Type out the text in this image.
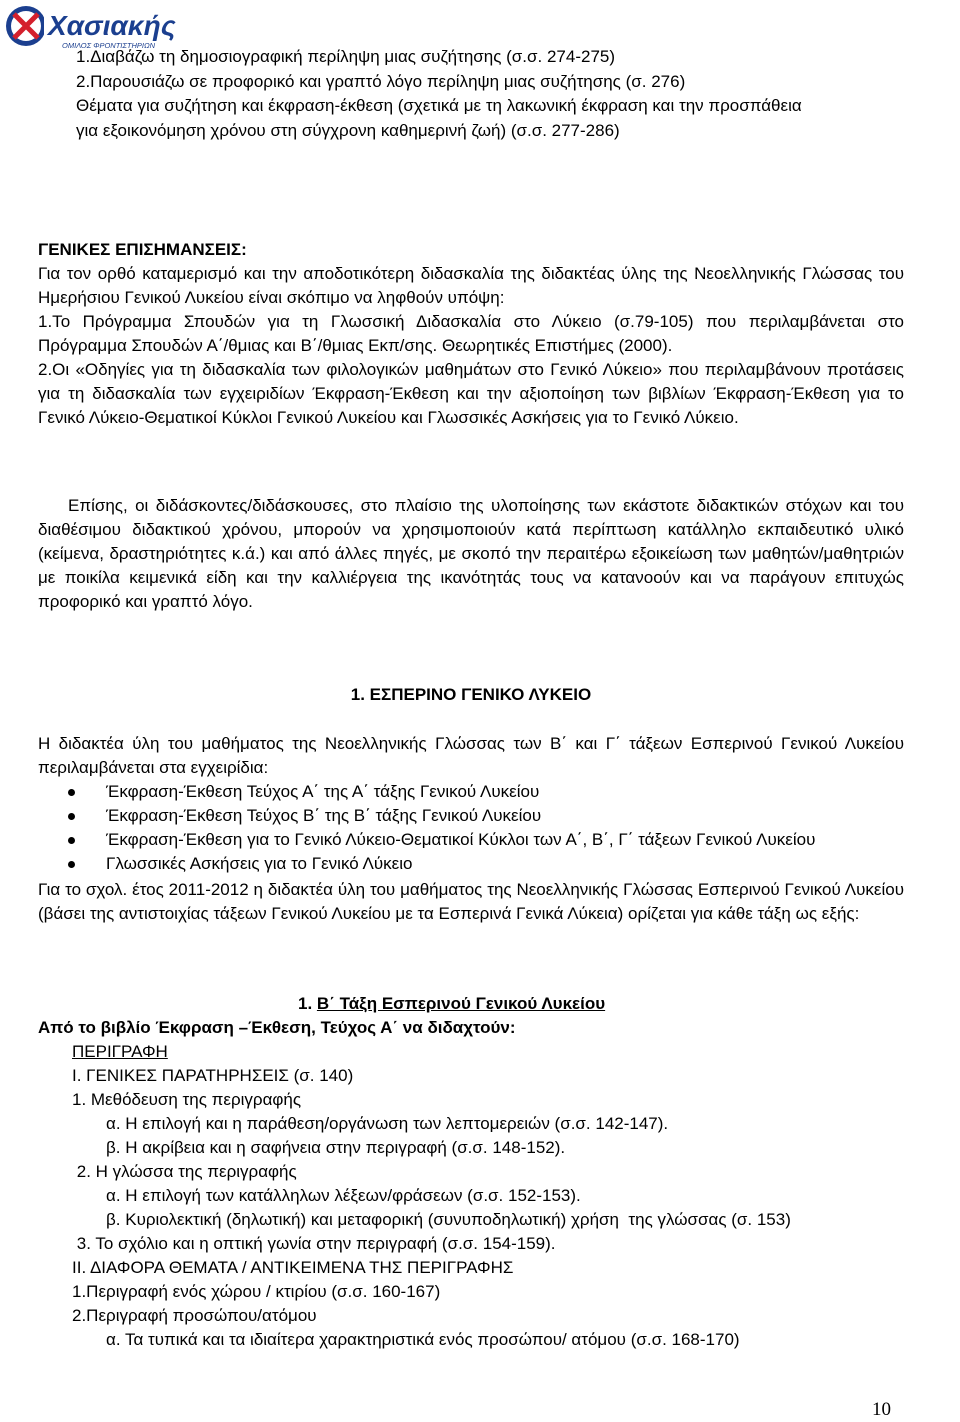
Χασιακής
ΟΜΙΛΟΣ ΦΡΟΝΤΙΣΤΗΡΙΩΝ
1.Διαβάζω τη δημοσιογραφική περίληψη μιας συζήτησης (σ.σ. 274-275)
2.Παρουσιάζω σε προφορικό και γραπτό λόγο περίληψη μιας συζήτησης (σ. 276)
Θέματα για συζήτηση και έκφραση-έκθεση (σχετικά με τη λακωνική έκφραση και την προσπάθεια
για εξοικονόμηση χρόνου στη σύγχρονη καθημερινή ζωή) (σ.σ. 277-286)
ΓΕΝΙΚΕΣ ΕΠΙΣΗΜΑΝΣΕΙΣ:
Για τον ορθό καταμερισμό και την αποδοτικότερη διδασκαλία της διδακτέας ύλης της Νεοελληνικής Γλώσσας του Ημερήσιου Γενικού Λυκείου είναι σκόπιμο να ληφθούν υπόψη:
1.Το Πρόγραμμα Σπουδών για τη Γλωσσική Διδασκαλία στο Λύκειο (σ.79-105) που περιλαμβάνεται στο Πρόγραμμα Σπουδών Α΄/θμιας και Β΄/θμιας Εκπ/σης. Θεωρητικές Επιστήμες (2000).
2.Οι «Οδηγίες για τη διδασκαλία των φιλολογικών μαθημάτων στο Γενικό Λύκειο» που περιλαμβάνουν προτάσεις για τη διδασκαλία των εγχειριδίων Έκφραση-Έκθεση και την αξιοποίηση των βιβλίων Έκφραση-Έκθεση για το Γενικό Λύκειο-Θεματικοί Κύκλοι Γενικού Λυκείου και Γλωσσικές Ασκήσεις για το Γενικό Λύκειο.
Επίσης, οι διδάσκοντες/διδάσκουσες, στο πλαίσιο της υλοποίησης των εκάστοτε διδακτικών στόχων και του διαθέσιμου διδακτικού χρόνου, μπορούν να χρησιμοποιούν κατά περίπτωση κατάλληλο εκπαιδευτικό υλικό (κείμενα, δραστηριότητες κ.ά.) και από άλλες πηγές, με σκοπό την περαιτέρω εξοικείωση των μαθητών/μαθητριών με ποικίλα κειμενικά είδη και την καλλιέργεια της ικανότητάς τους να κατανοούν και να παράγουν επιτυχώς προφορικό και γραπτό λόγο.
1. ΕΣΠΕΡΙΝΟ ΓΕΝΙΚΟ ΛΥΚΕΙΟ
Η διδακτέα ύλη του μαθήματος της Νεοελληνικής Γλώσσας των Β΄ και Γ΄ τάξεων Εσπερινού Γενικού Λυκείου περιλαμβάνεται στα εγχειρίδια:
Έκφραση-Έκθεση Τεύχος Α΄ της Α΄ τάξης Γενικού Λυκείου
Έκφραση-Έκθεση Τεύχος Β΄ της Β΄ τάξης Γενικού Λυκείου
Έκφραση-Έκθεση για το Γενικό Λύκειο-Θεματικοί Κύκλοι των Α΄, Β΄, Γ΄ τάξεων Γενικού Λυκείου
Γλωσσικές Ασκήσεις για το Γενικό Λύκειο
Για το σχολ. έτος 2011-2012 η διδακτέα ύλη του μαθήματος της Νεοελληνικής Γλώσσας Εσπερινού Γενικού Λυκείου (βάσει της αντιστοιχίας τάξεων Γενικού Λυκείου με τα Εσπερινά Γενικά Λύκεια) ορίζεται για κάθε τάξη ως εξής:
1. Β΄ Τάξη Εσπερινού Γενικού Λυκείου
Από το βιβλίο Έκφραση –Έκθεση, Τεύχος Α΄ να διδαχτούν:
ΠΕΡΙΓΡΑΦΗ
Ι. ΓΕΝΙΚΕΣ ΠΑΡΑΤΗΡΗΣΕΙΣ (σ. 140)
1. Μεθόδευση της περιγραφής
α. Η επιλογή και η παράθεση/οργάνωση των λεπτομερειών (σ.σ. 142-147).
β. Η ακρίβεια και η σαφήνεια στην περιγραφή (σ.σ. 148-152).
2. Η γλώσσα της περιγραφής
α. Η επιλογή των κατάλληλων λέξεων/φράσεων (σ.σ. 152-153).
β. Κυριολεκτική (δηλωτική) και μεταφορική (συνυποδηλωτική) χρήση  της γλώσσας (σ. 153)
3. Το σχόλιο και η οπτική γωνία στην περιγραφή (σ.σ. 154-159).
ΙΙ. ΔΙΑΦΟΡΑ ΘΕΜΑΤΑ / ΑΝΤΙΚΕΙΜΕΝΑ ΤΗΣ ΠΕΡΙΓΡΑΦΗΣ
1.Περιγραφή ενός χώρου / κτιρίου (σ.σ. 160-167)
2.Περιγραφή προσώπου/ατόμου
α. Τα τυπικά και τα ιδιαίτερα χαρακτηριστικά ενός προσώπου/ ατόμου (σ.σ. 168-170)
10
